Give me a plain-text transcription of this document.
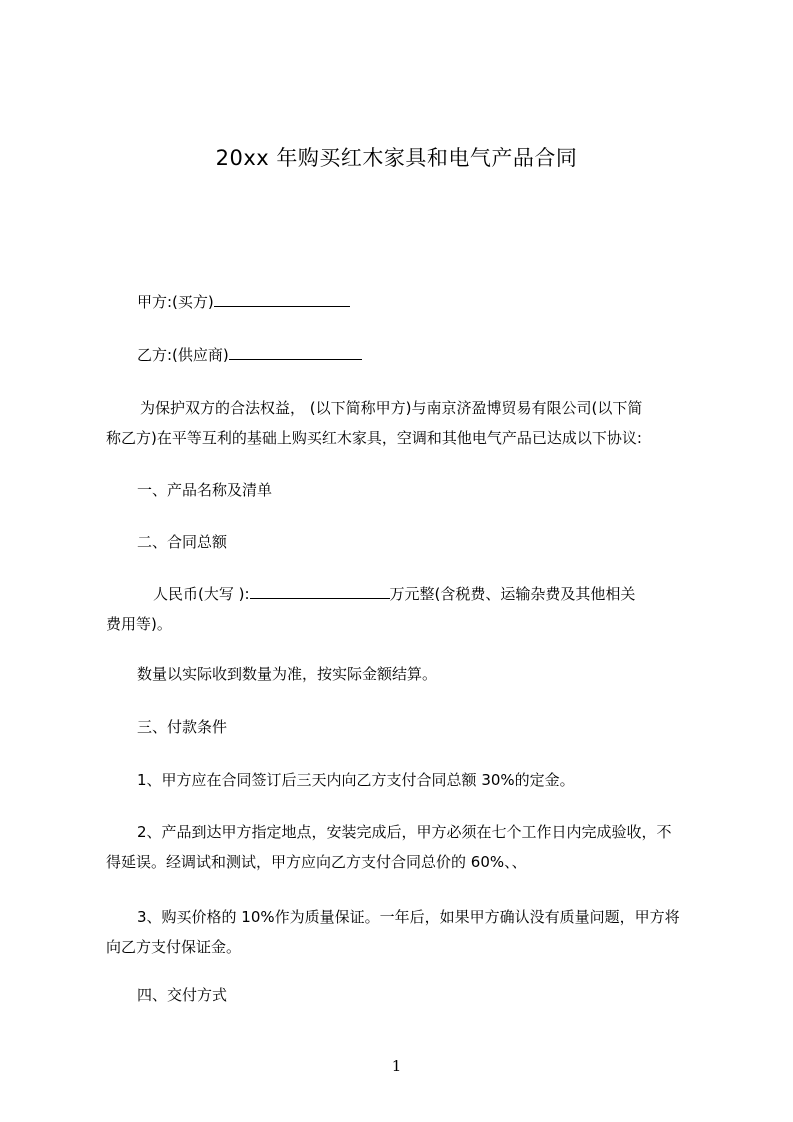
20xx 年购买红木家具和电气产品合同
甲方:(买方)
乙方:(供应商)
为保护双方的合法权益， (以下简称甲方)与南京济盈博贸易有限公司(以下简
称乙方)在平等互利的基础上购买红木家具，空调和其他电气产品已达成以下协议:
一、产品名称及清单
二、合同总额
人民币(大写 ):	万元整(含税费、运输杂费及其他相关
费用等)。
数量以实际收到数量为准，按实际金额结算。
三、付款条件
1、甲方应在合同签订后三天内向乙方支付合同总额 30%的定金。
2、产品到达甲方指定地点，安装完成后，甲方必须在七个工作日内完成验收，不
得延误。经调试和测试，甲方应向乙方支付合同总价的 60%、、
3、购买价格的 10%作为质量保证。一年后，如果甲方确认没有质量问题，甲方将
向乙方支付保证金。
四、交付方式
1
